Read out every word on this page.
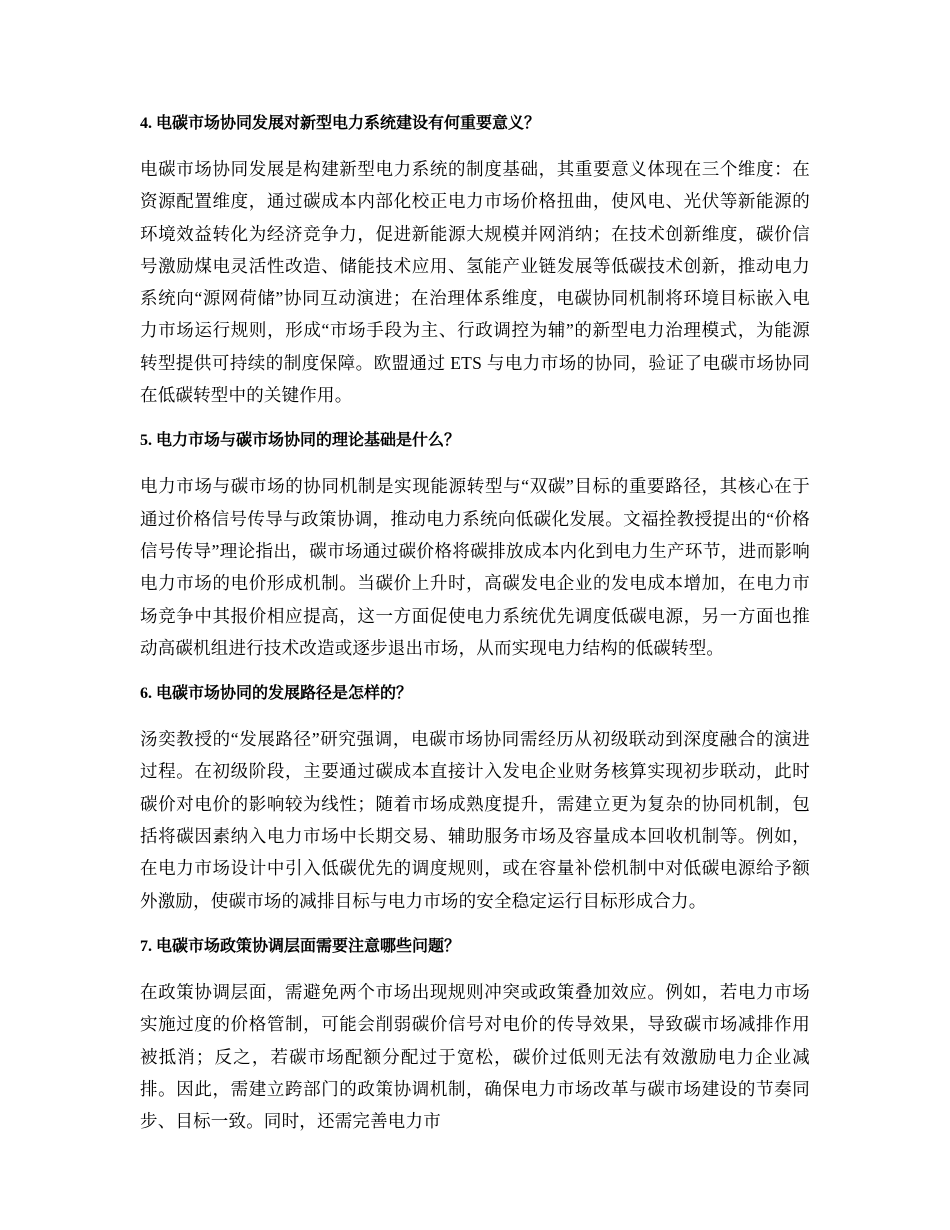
4. 电碳市场协同发展对新型电力系统建设有何重要意义？

电碳市场协同发展是构建新型电力系统的制度基础，其重要意义体现在三个维度：在资源配置维度，通过碳成本内部化校正电力市场价格扭曲，使风电、光伏等新能源的环境效益转化为经济竞争力，促进新能源大规模并网消纳；在技术创新维度，碳价信号激励煤电灵活性改造、储能技术应用、氢能产业链发展等低碳技术创新，推动电力系统向“源网荷储”协同互动演进；在治理体系维度，电碳协同机制将环境目标嵌入电力市场运行规则，形成“市场手段为主、行政调控为辅”的新型电力治理模式，为能源转型提供可持续的制度保障。欧盟通过 ETS 与电力市场的协同，验证了电碳市场协同在低碳转型中的关键作用。

5. 电力市场与碳市场协同的理论基础是什么？

电力市场与碳市场的协同机制是实现能源转型与“双碳”目标的重要路径，其核心在于通过价格信号传导与政策协调，推动电力系统向低碳化发展。文福拴教授提出的“价格信号传导”理论指出，碳市场通过碳价格将碳排放成本内化到电力生产环节，进而影响电力市场的电价形成机制。当碳价上升时，高碳发电企业的发电成本增加，在电力市场竞争中其报价相应提高，这一方面促使电力系统优先调度低碳电源，另一方面也推动高碳机组进行技术改造或逐步退出市场，从而实现电力结构的低碳转型。

6. 电碳市场协同的发展路径是怎样的？

汤奕教授的“发展路径”研究强调，电碳市场协同需经历从初级联动到深度融合的演进过程。在初级阶段，主要通过碳成本直接计入发电企业财务核算实现初步联动，此时碳价对电价的影响较为线性；随着市场成熟度提升，需建立更为复杂的协同机制，包括将碳因素纳入电力市场中长期交易、辅助服务市场及容量成本回收机制等。例如，在电力市场设计中引入低碳优先的调度规则，或在容量补偿机制中对低碳电源给予额外激励，使碳市场的减排目标与电力市场的安全稳定运行目标形成合力。

7. 电碳市场政策协调层面需要注意哪些问题？

在政策协调层面，需避免两个市场出现规则冲突或政策叠加效应。例如，若电力市场实施过度的价格管制，可能会削弱碳价信号对电价的传导效果，导致碳市场减排作用被抵消；反之，若碳市场配额分配过于宽松，碳价过低则无法有效激励电力企业减排。因此，需建立跨部门的政策协调机制，确保电力市场改革与碳市场建设的节奏同步、目标一致。同时，还需完善电力市
